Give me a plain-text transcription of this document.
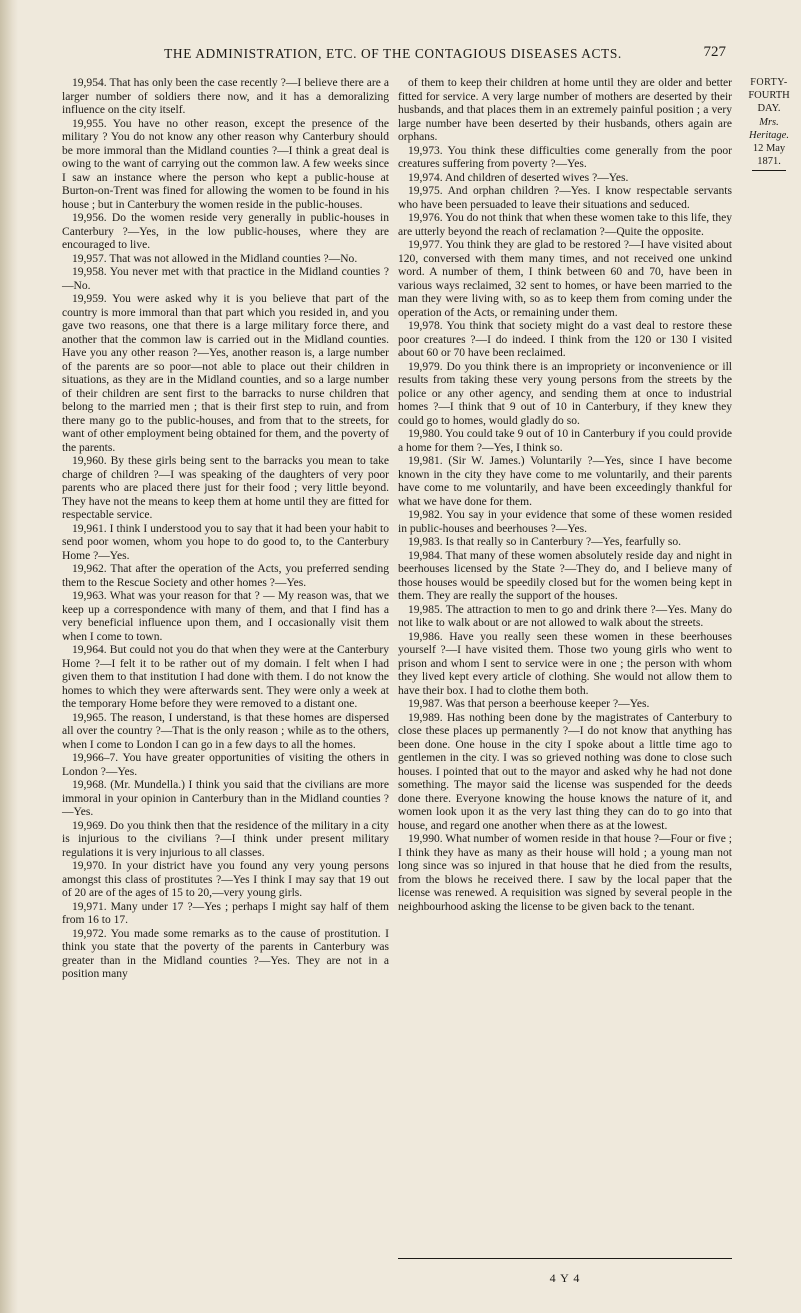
THE ADMINISTRATION, ETC. OF THE CONTAGIOUS DISEASES ACTS.	727

19,954. That has only been the case recently ?—I believe there are a larger number of soldiers there now, and it has a demoralizing influence on the city itself.

19,955. You have no other reason, except the presence of the military ? You do not know any other reason why Canterbury should be more immoral than the Midland counties ?—I think a great deal is owing to the want of carrying out the common law. A few weeks since I saw an instance where the person who kept a public-house at Burton-on-Trent was fined for allowing the women to be found in his house ; but in Canterbury the women reside in the public-houses.

19,956. Do the women reside very generally in public-houses in Canterbury ?—Yes, in the low public-houses, where they are encouraged to live.

19,957. That was not allowed in the Midland counties ?—No.

19,958. You never met with that practice in the Midland counties ?—No.

19,959. You were asked why it is you believe that part of the country is more immoral than that part which you resided in, and you gave two reasons, one that there is a large military force there, and another that the common law is carried out in the Midland counties. Have you any other reason ?—Yes, another reason is, a large number of the parents are so poor—not able to place out their children in situations, as they are in the Midland counties, and so a large number of their children are sent first to the barracks to nurse children that belong to the married men ; that is their first step to ruin, and from there many go to the public-houses, and from that to the streets, for want of other employment being obtained for them, and the poverty of the parents.

19,960. By these girls being sent to the barracks you mean to take charge of children ?—I was speaking of the daughters of very poor parents who are placed there just for their food ; very little beyond. They have not the means to keep them at home until they are fitted for respectable service.

19,961. I think I understood you to say that it had been your habit to send poor women, whom you hope to do good to, to the Canterbury Home ?—Yes.

19,962. That after the operation of the Acts, you preferred sending them to the Rescue Society and other homes ?—Yes.

19,963. What was your reason for that ? — My reason was, that we keep up a correspondence with many of them, and that I find has a very beneficial influence upon them, and I occasionally visit them when I come to town.

19,964. But could not you do that when they were at the Canterbury Home ?—I felt it to be rather out of my domain. I felt when I had given them to that institution I had done with them. I do not know the homes to which they were afterwards sent. They were only a week at the temporary Home before they were removed to a distant one.

19,965. The reason, I understand, is that these homes are dispersed all over the country ?—That is the only reason ; while as to the others, when I come to London I can go in a few days to all the homes.

19,966–7. You have greater opportunities of visiting the others in London ?—Yes.

19,968. (Mr. Mundella.) I think you said that the civilians are more immoral in your opinion in Canterbury than in the Midland counties ?—Yes.

19,969. Do you think then that the residence of the military in a city is injurious to the civilians ?—I think under present military regulations it is very injurious to all classes.

19,970. In your district have you found any very young persons amongst this class of prostitutes ?—Yes I think I may say that 19 out of 20 are of the ages of 15 to 20,—very young girls.

19,971. Many under 17 ?—Yes ; perhaps I might say half of them from 16 to 17.

19,972. You made some remarks as to the cause of prostitution. I think you state that the poverty of the parents in Canterbury was greater than in the Midland counties ?—Yes. They are not in a position many

of them to keep their children at home until they are older and better fitted for service. A very large number of mothers are deserted by their husbands, and that places them in an extremely painful position ; a very large number have been deserted by their husbands, others again are orphans.

19,973. You think these difficulties come generally from the poor creatures suffering from poverty ?—Yes.

19,974. And children of deserted wives ?—Yes.

19,975. And orphan children ?—Yes. I know respectable servants who have been persuaded to leave their situations and seduced.

19,976. You do not think that when these women take to this life, they are utterly beyond the reach of reclamation ?—Quite the opposite.

19,977. You think they are glad to be restored ?—I have visited about 120, conversed with them many times, and not received one unkind word. A number of them, I think between 60 and 70, have been in various ways reclaimed, 32 sent to homes, or have been married to the man they were living with, so as to keep them from coming under the operation of the Acts, or remaining under them.

19,978. You think that society might do a vast deal to restore these poor creatures ?—I do indeed. I think from the 120 or 130 I visited about 60 or 70 have been reclaimed.

19,979. Do you think there is an impropriety or inconvenience or ill results from taking these very young persons from the streets by the police or any other agency, and sending them at once to industrial homes ?—I think that 9 out of 10 in Canterbury, if they knew they could go to homes, would gladly do so.

19,980. You could take 9 out of 10 in Canterbury if you could provide a home for them ?—Yes, I think so.

19,981. (Sir W. James.) Voluntarily ?—Yes, since I have become known in the city they have come to me voluntarily, and their parents have come to me voluntarily, and have been exceedingly thankful for what we have done for them.

19,982. You say in your evidence that some of these women resided in public-houses and beerhouses ?—Yes.

19,983. Is that really so in Canterbury ?—Yes, fearfully so.

19,984. That many of these women absolutely reside day and night in beerhouses licensed by the State ?—They do, and I believe many of those houses would be speedily closed but for the women being kept in them. They are really the support of the houses.

19,985. The attraction to men to go and drink there ?—Yes. Many do not like to walk about or are not allowed to walk about the streets.

19,986. Have you really seen these women in these beerhouses yourself ?—I have visited them. Those two young girls who went to prison and whom I sent to service were in one ; the person with whom they lived kept every article of clothing. She would not allow them to have their box. I had to clothe them both.

19,987. Was that person a beerhouse keeper ?—Yes.

19,989. Has nothing been done by the magistrates of Canterbury to close these places up permanently ?—I do not know that anything has been done. One house in the city I spoke about a little time ago to gentlemen in the city. I was so grieved nothing was done to close such houses. I pointed that out to the mayor and asked why he had not done something. The mayor said the license was suspended for the deeds done there. Everyone knowing the house knows the nature of it, and women look upon it as the very last thing they can do to go into that house, and regard one another when there as at the lowest.

19,990. What number of women reside in that house ?—Four or five ; I think they have as many as their house will hold ; a young man not long since was so injured in that house that he died from the results, from the blows he received there. I saw by the local paper that the license was renewed. A requisition was signed by several people in the neighbourhood asking the license to be given back to the tenant.

FORTY-
FOURTH DAY.
Mrs. Heritage.
12 May 1871.
4 Y 4
